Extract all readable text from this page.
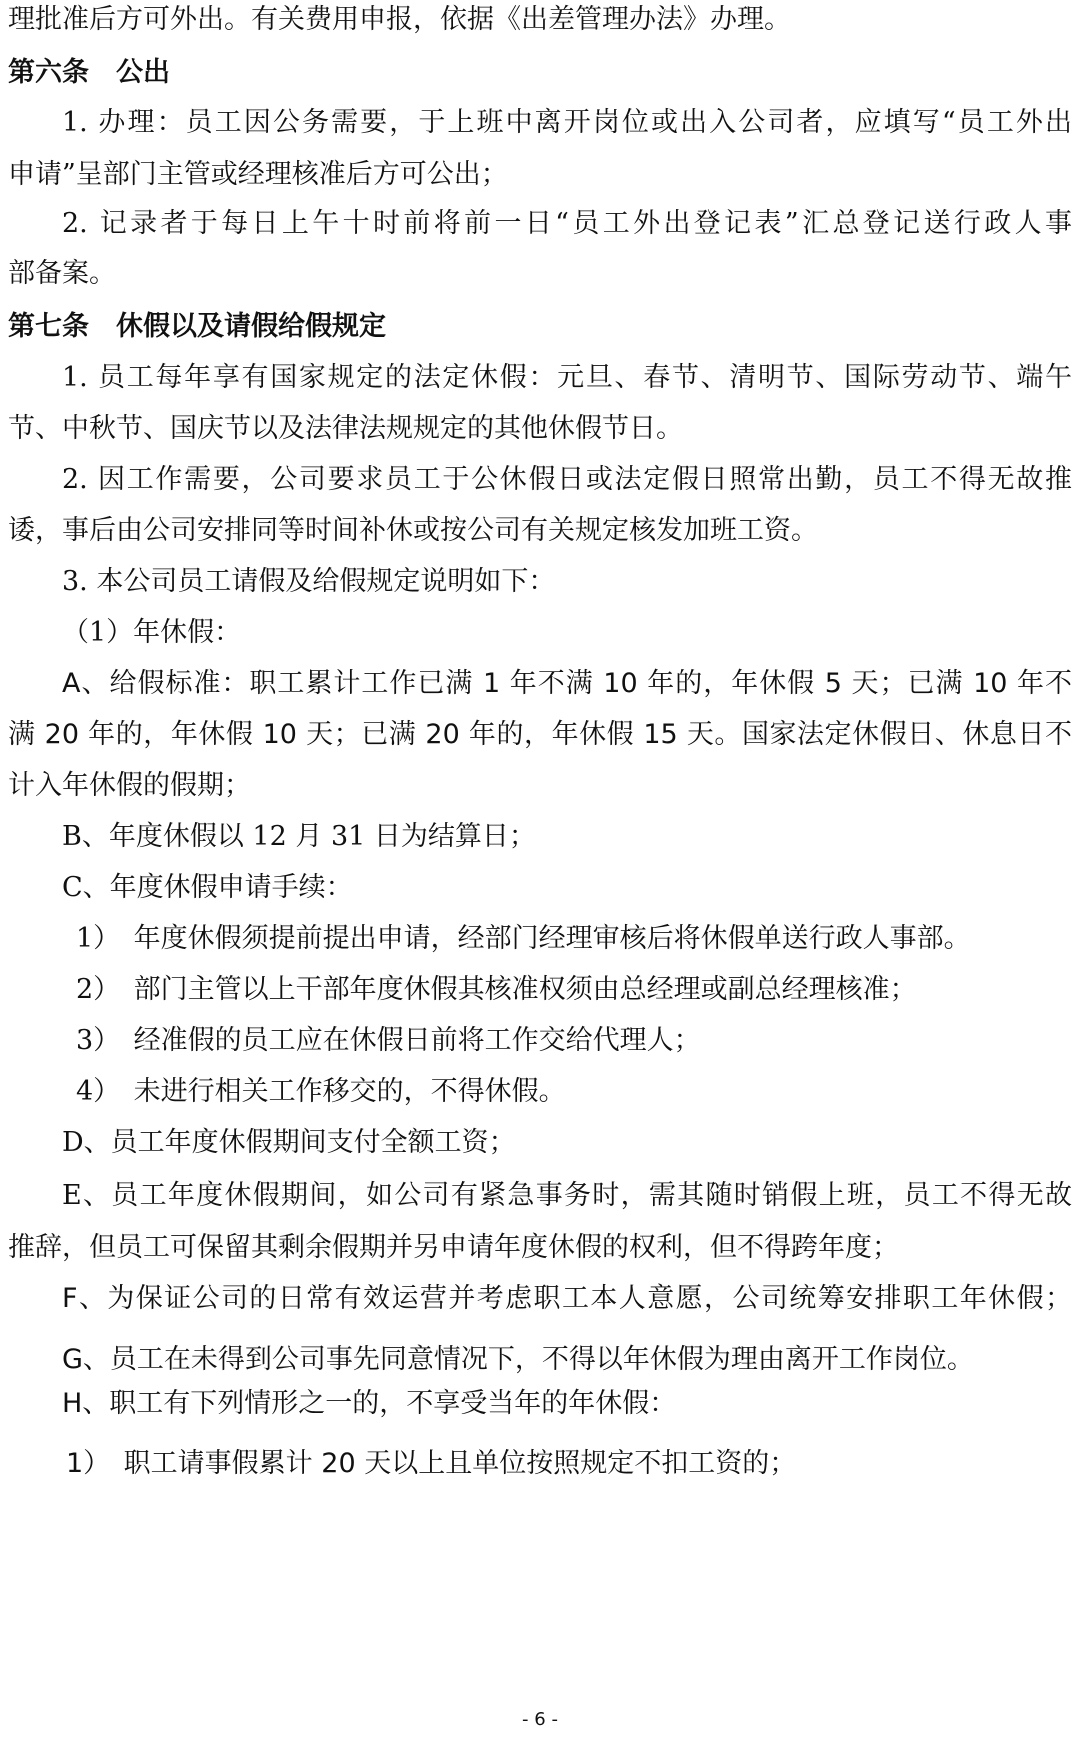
理批准后方可外出。有关费用申报，依据《出差管理办法》办理。
第六条　公出
1. 办理：员工因公务需要，于上班中离开岗位或出入公司者，应填写“员工外出
申请”呈部门主管或经理核准后方可公出；
2. 记录者于每日上午十时前将前一日“员工外出登记表”汇总登记送行政人事
部备案。
第七条　休假以及请假给假规定
1. 员工每年享有国家规定的法定休假：元旦、春节、清明节、国际劳动节、端午
节、中秋节、国庆节以及法律法规规定的其他休假节日。
2. 因工作需要，公司要求员工于公休假日或法定假日照常出勤，员工不得无故推
诿，事后由公司安排同等时间补休或按公司有关规定核发加班工资。
3. 本公司员工请假及给假规定说明如下：
（1）年休假：
A、给假标准：职工累计工作已满 1 年不满 10 年的，年休假 5 天；已满 10 年不
满 20 年的，年休假 10 天；已满 20 年的，年休假 15 天。国家法定休假日、休息日不
计入年休假的假期；
B、年度休假以 12 月 31 日为结算日；
C、年度休假申请手续：
1）　年度休假须提前提出申请，经部门经理审核后将休假单送行政人事部。
2）　部门主管以上干部年度休假其核准权须由总经理或副总经理核准；
3）　经准假的员工应在休假日前将工作交给代理人；
4）　未进行相关工作移交的，不得休假。
D、员工年度休假期间支付全额工资；
E、员工年度休假期间，如公司有紧急事务时，需其随时销假上班，员工不得无故
推辞，但员工可保留其剩余假期并另申请年度休假的权利，但不得跨年度；
F、为保证公司的日常有效运营并考虑职工本人意愿，公司统筹安排职工年休假；
G、员工在未得到公司事先同意情况下，不得以年休假为理由离开工作岗位。
H、职工有下列情形之一的，不享受当年的年休假：
1）　职工请事假累计 20 天以上且单位按照规定不扣工资的；
- 6 -
